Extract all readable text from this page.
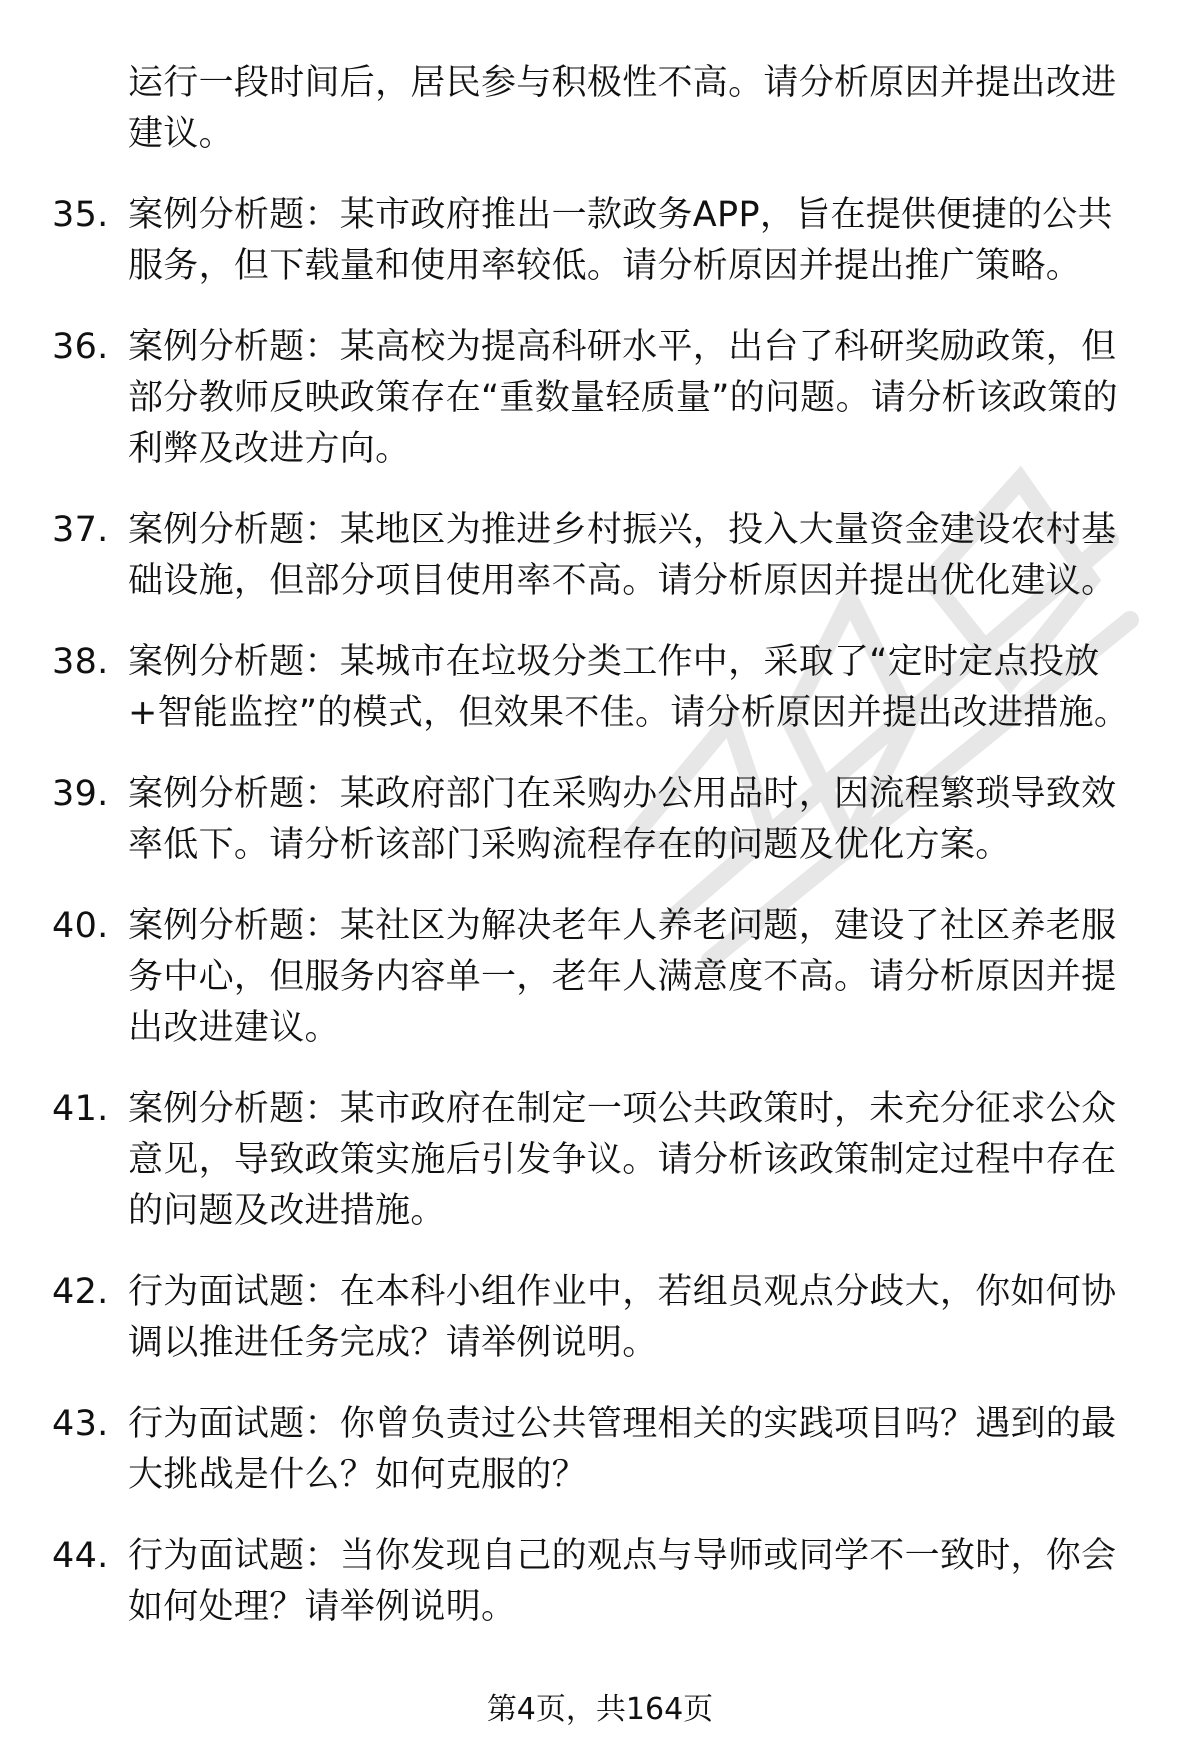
运行一段时间后，居民参与积极性不高。请分析原因并提出改进建议。
35. 案例分析题：某市政府推出一款政务APP，旨在提供便捷的公共服务，但下载量和使用率较低。请分析原因并提出推广策略。
36. 案例分析题：某高校为提高科研水平，出台了科研奖励政策，但部分教师反映政策存在“重数量轻质量”的问题。请分析该政策的利弊及改进方向。
37. 案例分析题：某地区为推进乡村振兴，投入大量资金建设农村基础设施，但部分项目使用率不高。请分析原因并提出优化建议。
38. 案例分析题：某城市在垃圾分类工作中，采取了“定时定点投放+智能监控”的模式，但效果不佳。请分析原因并提出改进措施。
39. 案例分析题：某政府部门在采购办公用品时，因流程繁琐导致效率低下。请分析该部门采购流程存在的问题及优化方案。
40. 案例分析题：某社区为解决老年人养老问题，建设了社区养老服务中心，但服务内容单一，老年人满意度不高。请分析原因并提出改进建议。
41. 案例分析题：某市政府在制定一项公共政策时，未充分征求公众意见，导致政策实施后引发争议。请分析该政策制定过程中存在的问题及改进措施。
42. 行为面试题：在本科小组作业中，若组员观点分歧大，你如何协调以推进任务完成？请举例说明。
43. 行为面试题：你曾负责过公共管理相关的实践项目吗？遇到的最大挑战是什么？如何克服的？
44. 行为面试题：当你发现自己的观点与导师或同学不一致时，你会如何处理？请举例说明。
第4页，共164页
